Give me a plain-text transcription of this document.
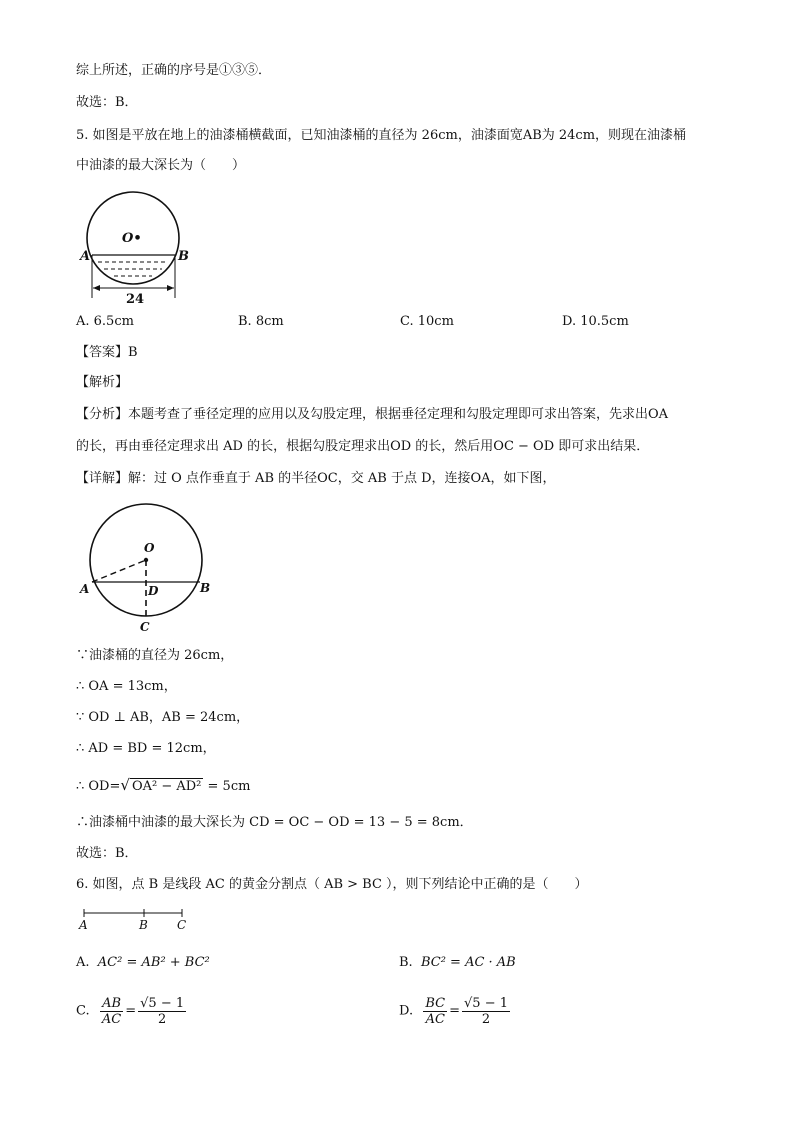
综上所述，正确的序号是①③⑤．
故选：B．
5. 如图是平放在地上的油漆桶横截面，已知油漆桶的直径为 26cm，油漆面宽AB为 24cm，则现在油漆桶
中油漆的最大深长为（　　）
O•
A	B
24
A. 6.5cm	B. 8cm	C. 10cm	D. 10.5cm
【答案】B
【解析】
【分析】本题考查了垂径定理的应用以及勾股定理，根据垂径定理和勾股定理即可求出答案，先求出OA
的长，再由垂径定理求出 AD 的长，根据勾股定理求出OD 的长，然后用OC − OD 即可求出结果．
【详解】解：过 O 点作垂直于 AB 的半径OC，交 AB 于点 D，连接OA，如下图，
O
A	B
D
C
∵油漆桶的直径为 26cm，
∴ OA = 13cm，
∵ OD ⊥ AB，AB = 24cm，
∴ AD = BD = 12cm，
∴ OD=√ OA² − AD² = 5cm
∴油漆桶中油漆的最大深长为 CD = OC − OD = 13 − 5 = 8cm．
故选：B．
6. 如图，点 B 是线段 AC 的黄金分割点（ AB > BC ），则下列结论中正确的是（　　）
A	B C
A. AC² = AB² + BC²	B. BC² = AC · AB
C. $\frac{AB}{AC} = \frac{√5 - 1}{2}$	D. $\frac{BC}{AC} = \frac{√5 - 1}{2}$
